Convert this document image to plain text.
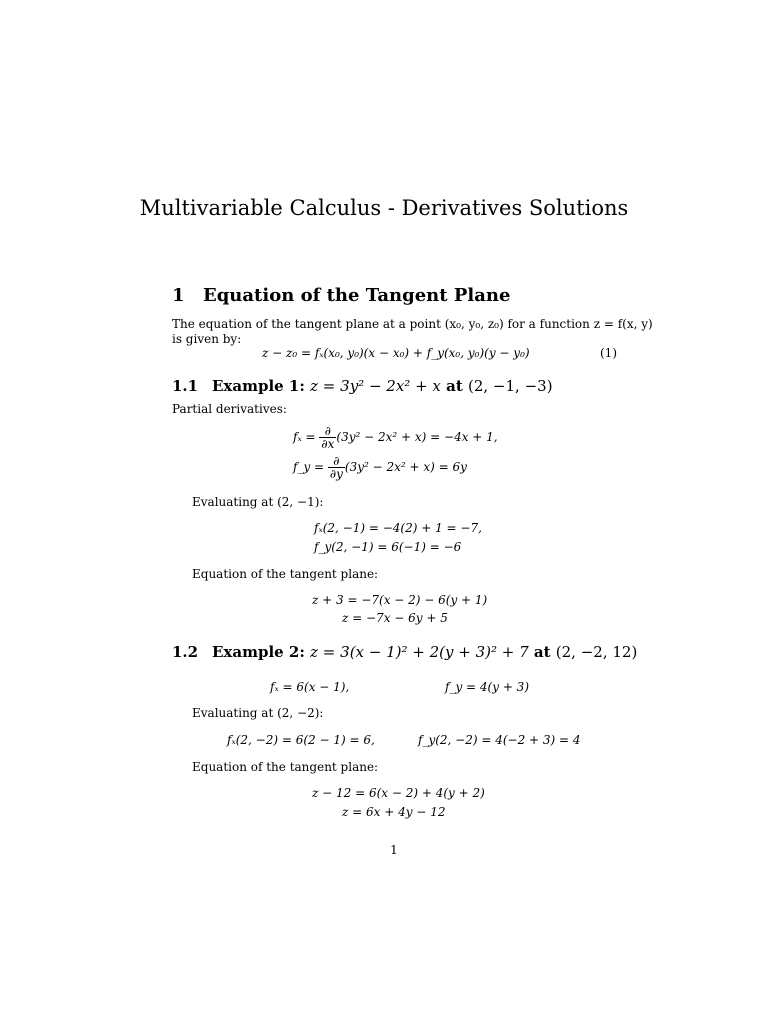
Multivariable Calculus - Derivatives Solutions
1 Equation of the Tangent Plane
The equation of the tangent plane at a point (x₀, y₀, z₀) for a function z = f(x, y)
is given by:
z − z₀ = fₓ(x₀, y₀)(x − x₀) + f_y(x₀, y₀)(y − y₀)	(1)
1.1 Example 1: z = 3y² − 2x² + x at (2, −1, −3)
Partial derivatives:
$f_x = \frac{\partial}{\partial x} (3y^2 - 2x^2 + x) = -4x + 1$,
f_y = $\frac{\partial}{\partial y} (3y^2 - 2x^2 + x) = 6y$
Evaluating at (2, −1):
fₓ(2, −1) = −4(2) + 1 = −7,
f_y(2, −1) = 6(−1) = −6
Equation of the tangent plane:
z + 3 = −7(x − 2) − 6(y + 1)
z = −7x − 6y + 5
1.2 Example 2: z = 3(x − 1)² + 2(y + 3)² + 7 at (2, −2, 12)
fₓ = 6(x − 1),	f_y = 4(y + 3)
Evaluating at (2, −2):
fₓ(2, −2) = 6(2 − 1) = 6,	f_y(2, −2) = 4(−2 + 3) = 4
Equation of the tangent plane:
z − 12 = 6(x − 2) + 4(y + 2)
z = 6x + 4y − 12
1
